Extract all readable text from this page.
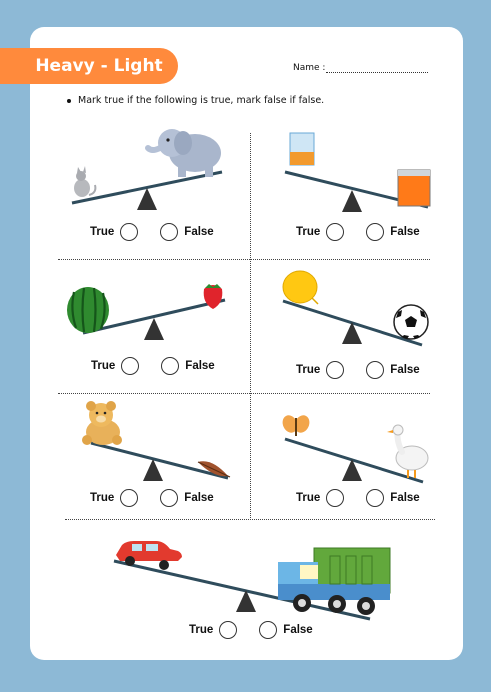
Heavy - Light	Name :
Mark true if the following is true, mark false if false.
True	False	True	False
True	False	True	False
True	False	True	False
True	False
